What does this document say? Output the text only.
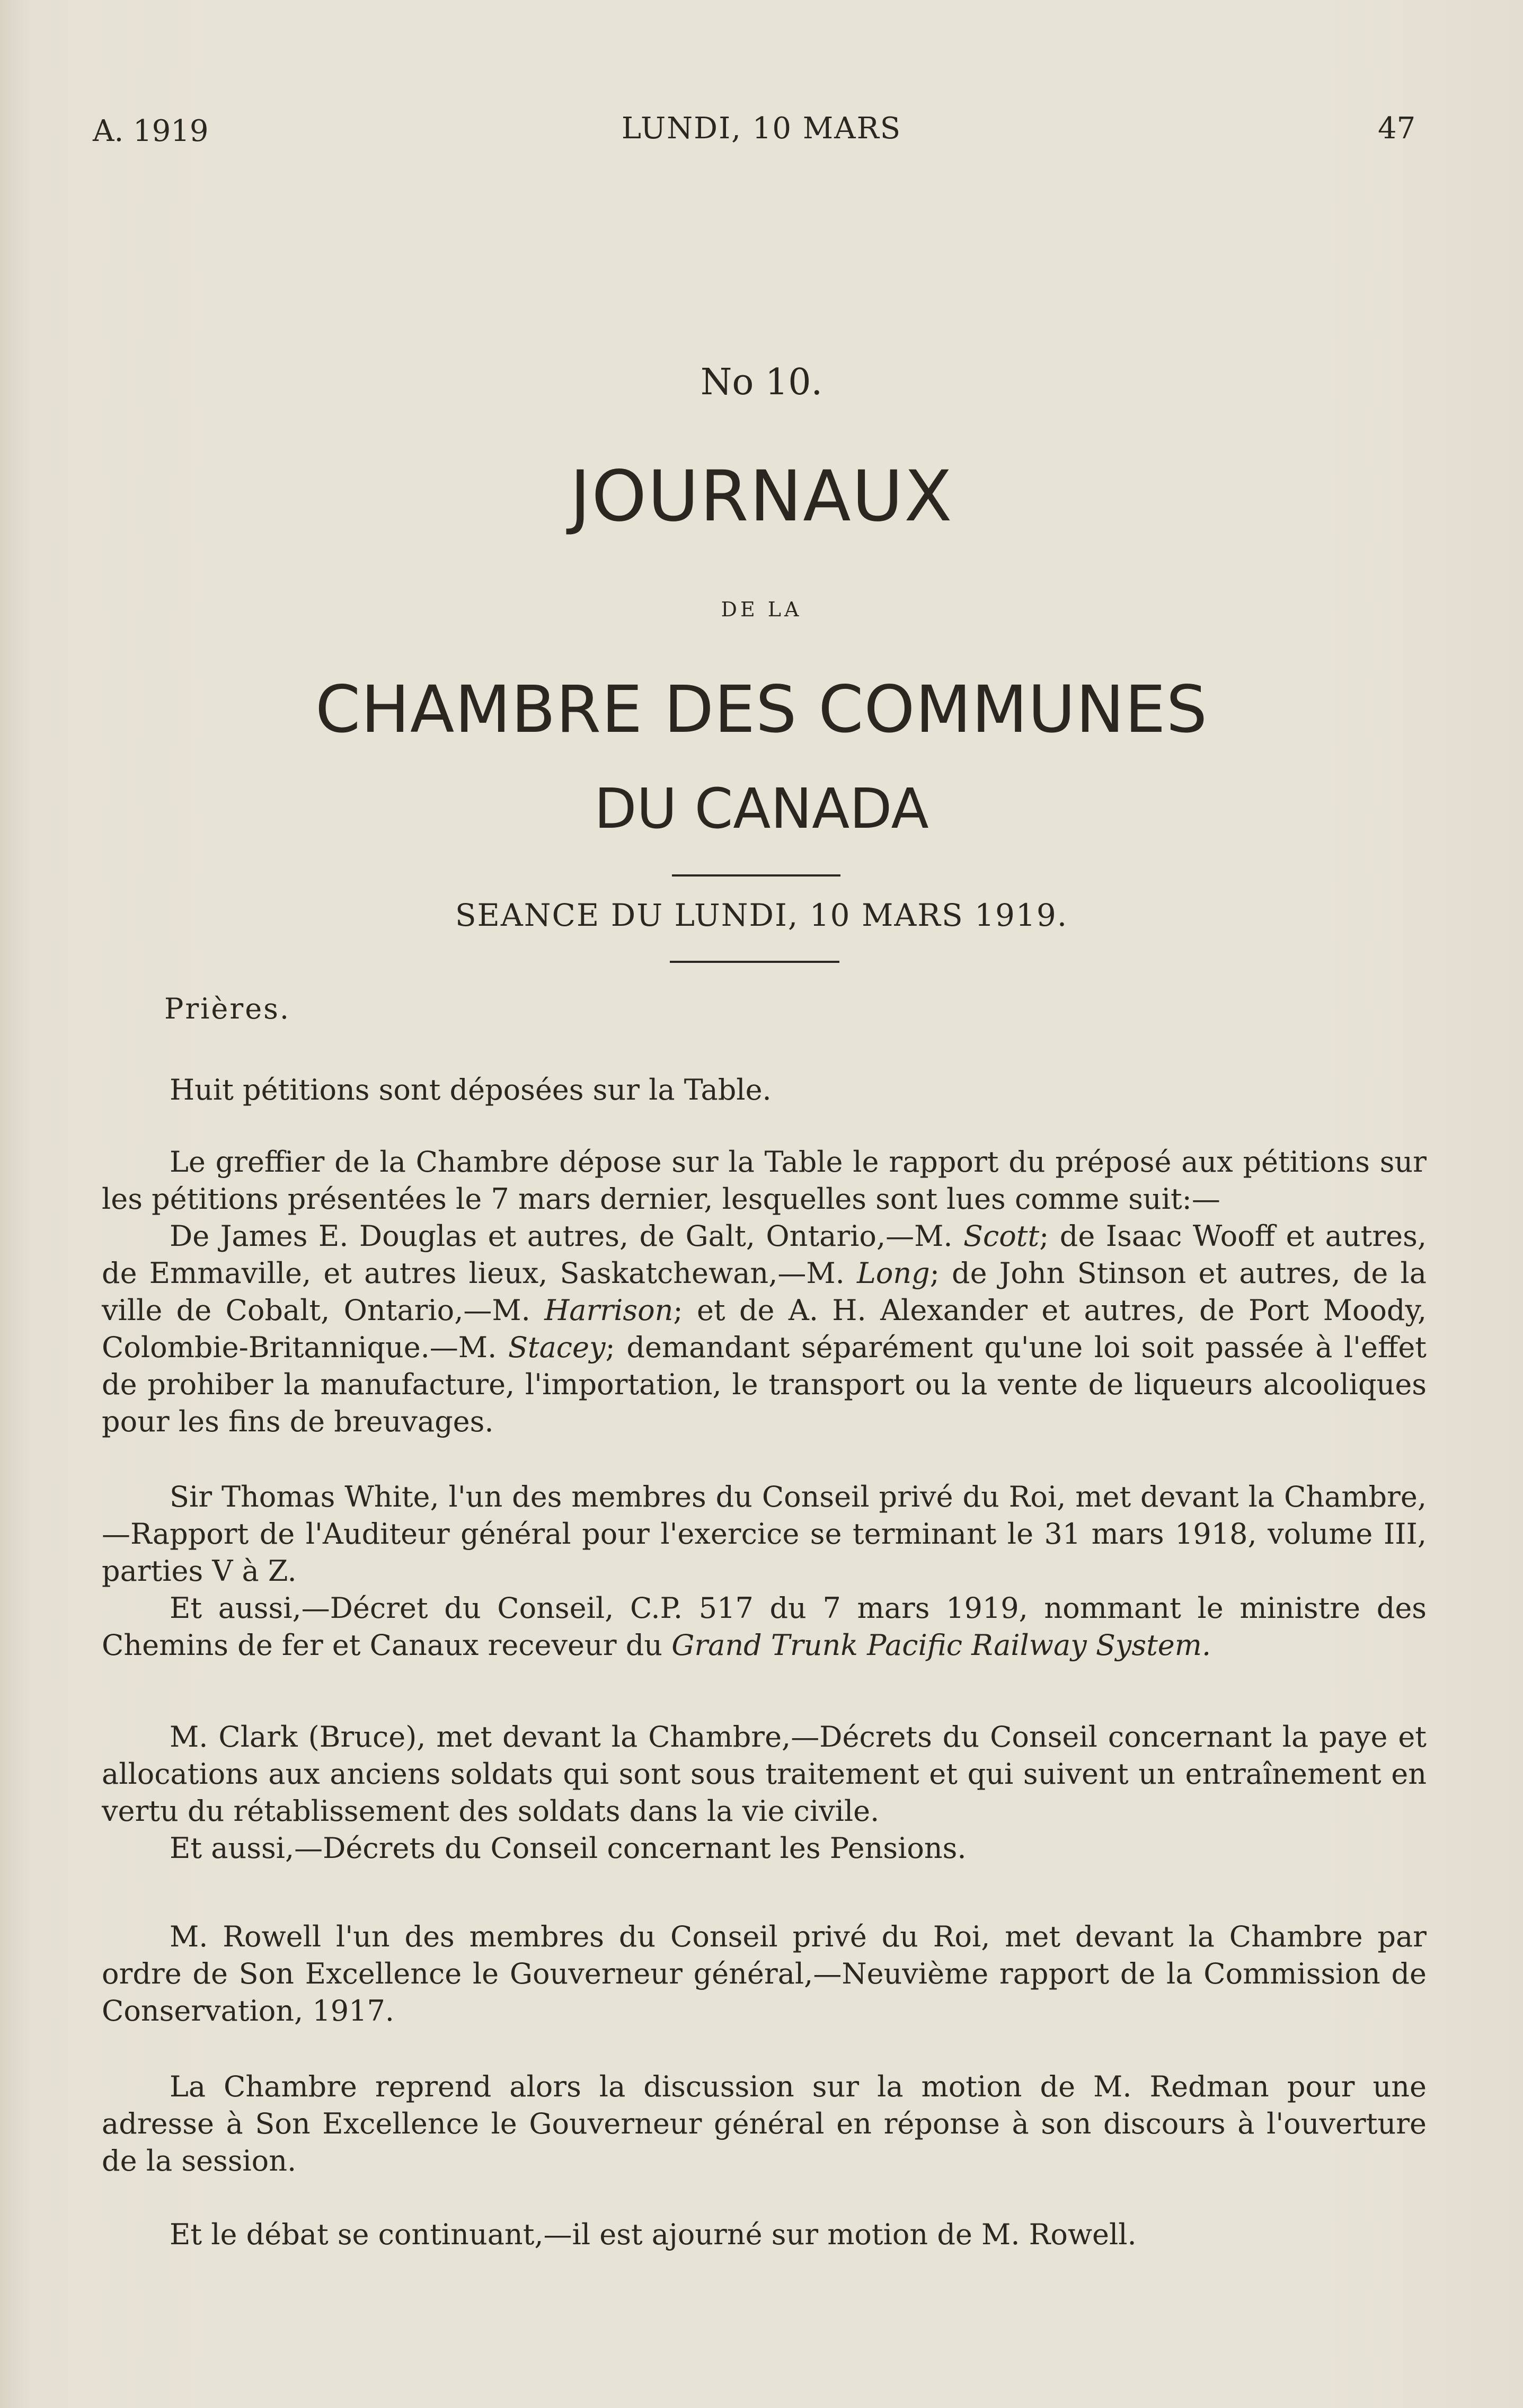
A. 1919	LUNDI, 10 MARS	47
No 10.
JOURNAUX
DE LA
CHAMBRE DES COMMUNES
DU CANADA
SEANCE DU LUNDI, 10 MARS 1919.
Prières.

Huit pétitions sont déposées sur la Table.

Le greffier de la Chambre dépose sur la Table le rapport du préposé aux pétitions sur les pétitions présentées le 7 mars dernier, lesquelles sont lues comme suit:—

De James E. Douglas et autres, de Galt, Ontario,—M. Scott; de Isaac Wooff et autres, de Emmaville, et autres lieux, Saskatchewan,—M. Long; de John Stinson et autres, de la ville de Cobalt, Ontario,—M. Harrison; et de A. H. Alexander et autres, de Port Moody, Colombie-Britannique.—M. Stacey; demandant séparément qu'une loi soit passée à l'effet de prohiber la manufacture, l'importation, le transport ou la vente de liqueurs alcooliques pour les fins de breuvages.

Sir Thomas White, l'un des membres du Conseil privé du Roi, met devant la Chambre,—Rapport de l'Auditeur général pour l'exercice se terminant le 31 mars 1918, volume III, parties V à Z.

Et aussi,—Décret du Conseil, C.P. 517 du 7 mars 1919, nommant le ministre des Chemins de fer et Canaux receveur du Grand Trunk Pacific Railway System.

M. Clark (Bruce), met devant la Chambre,—Décrets du Conseil concernant la paye et allocations aux anciens soldats qui sont sous traitement et qui suivent un entraînement en vertu du rétablissement des soldats dans la vie civile.

Et aussi,—Décrets du Conseil concernant les Pensions.

M. Rowell l'un des membres du Conseil privé du Roi, met devant la Chambre par ordre de Son Excellence le Gouverneur général,—Neuvième rapport de la Commission de Conservation, 1917.

La Chambre reprend alors la discussion sur la motion de M. Redman pour une adresse à Son Excellence le Gouverneur général en réponse à son discours à l'ouverture de la session.

Et le débat se continuant,—il est ajourné sur motion de M. Rowell.
